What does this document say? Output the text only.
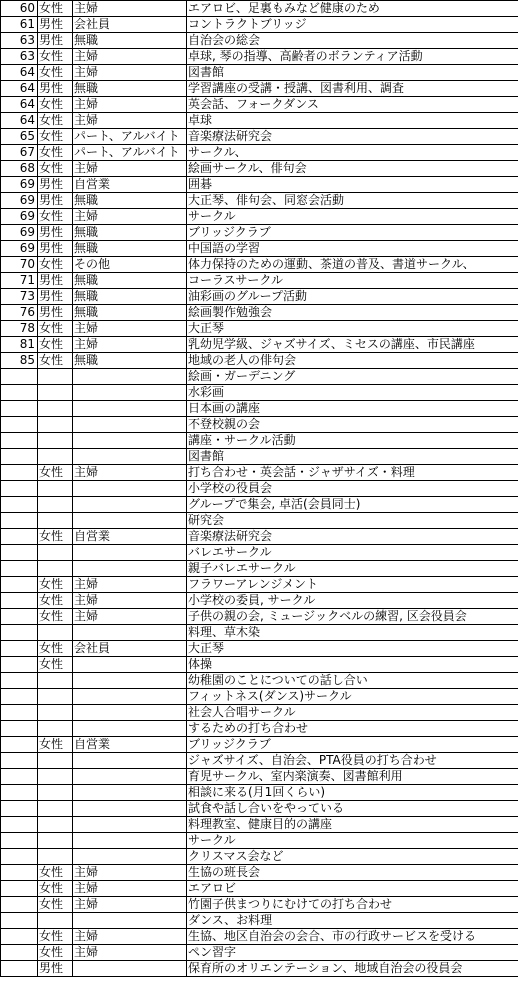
60	女性	主婦	エアロビ、足裏もみなど健康のため
61	男性	会社員	コントラクトブリッジ
63	男性	無職	自治会の総会
63	女性	主婦	卓球, 琴の指導、高齢者のボランティア活動
64	女性	主婦	図書館
64	男性	無職	学習講座の受講・授講、図書利用、調査
64	女性	主婦	英会話、フォークダンス
64	女性	主婦	卓球
65	女性	パート、アルバイト	音楽療法研究会
67	女性	パート、アルバイト	サークル、
68	女性	主婦	絵画サークル、俳句会
69	男性	自営業	囲碁
69	男性	無職	大正琴、俳句会、同窓会活動
69	女性	主婦	サークル
69	男性	無職	ブリッジクラブ
69	男性	無職	中国語の学習
70	女性	その他	体力保持のための運動、茶道の普及、書道サークル、
71	男性	無職	コーラスサークル
73	男性	無職	油彩画のグループ活動
76	男性	無職	絵画製作勉強会
78	女性	主婦	大正琴
81	女性	主婦	乳幼児学級、ジャズサイズ、ミセスの講座、市民講座
85	女性	無職	地域の老人の俳句会
			絵画・ガーデニング
			水彩画
			日本画の講座
			不登校親の会
			講座・サークル活動
			図書館
	女性	主婦	打ち合わせ・英会話・ジャザサイズ・料理
			小学校の役員会
			グループで集会, 卓活(会員同士)
			研究会
	女性	自営業	音楽療法研究会
			バレエサークル
			親子バレエサークル
	女性	主婦	フラワーアレンジメント
	女性	主婦	小学校の委員, サークル
	女性	主婦	子供の親の会, ミュージックベルの練習, 区会役員会
			料理、草木染
	女性	会社員	大正琴
	女性		体操
			幼稚園のことについての話し合い
			フィットネス(ダンス)サークル
			社会人合唱サークル
			するための打ち合わせ
	女性	自営業	ブリッジクラブ
			ジャズサイズ、自治会、PTA役員の打ち合わせ
			育児サークル、室内楽演奏、図書館利用
			相談に来る(月1回くらい)
			試食や話し合いをやっている
			料理教室、健康目的の講座
			サークル
			クリスマス会など
	女性	主婦	生協の班長会
	女性	主婦	エアロビ
	女性	主婦	竹園子供まつりにむけての打ち合わせ
			ダンス、お料理
	女性	主婦	生協、地区自治会の会合、市の行政サービスを受ける
	女性	主婦	ペン習字
	男性		保育所のオリエンテーション、地域自治会の役員会
